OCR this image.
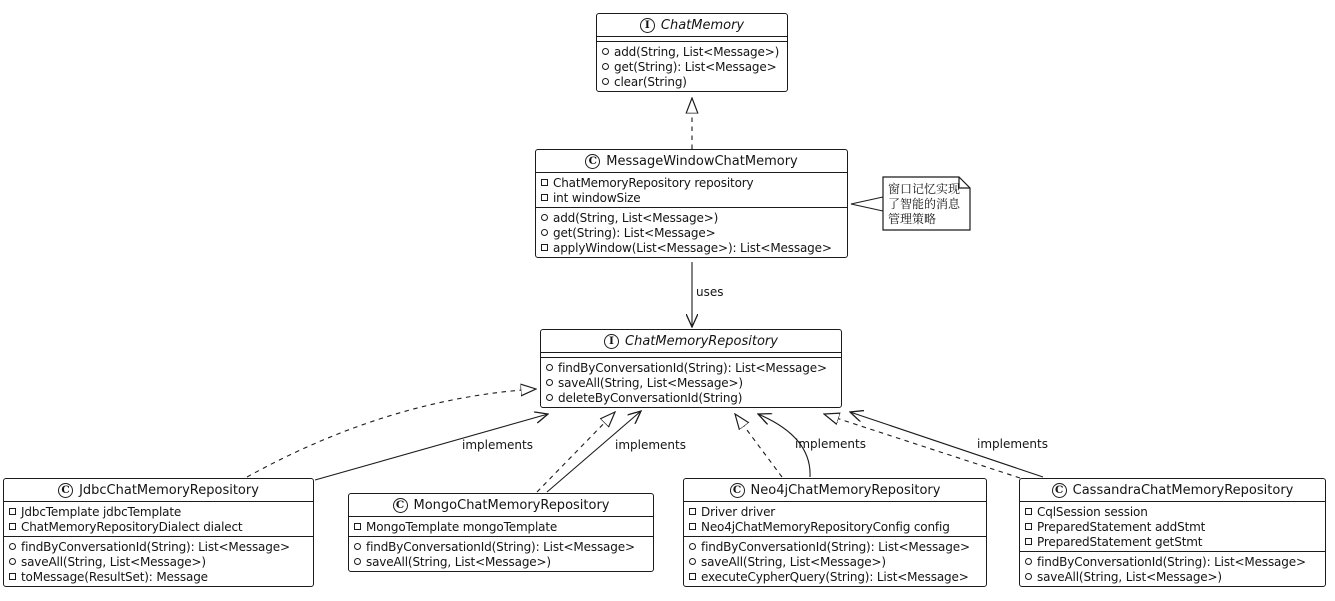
uses
implements	implements	implements	implements
窗口记忆实现
了智能的消息
管理策略
I ChatMemory
add(String, List<Message>)
get(String): List<Message>
clear(String)
C MessageWindowChatMemory
ChatMemoryRepository repository
int windowSize
add(String, List<Message>)
get(String): List<Message>
applyWindow(List<Message>): List<Message>
I ChatMemoryRepository
findByConversationId(String): List<Message>
saveAll(String, List<Message>)
deleteByConversationId(String)
C JdbcChatMemoryRepository
JdbcTemplate jdbcTemplate
ChatMemoryRepositoryDialect dialect
findByConversationId(String): List<Message>
saveAll(String, List<Message>)
toMessage(ResultSet): Message
C MongoChatMemoryRepository
MongoTemplate mongoTemplate
findByConversationId(String): List<Message>
saveAll(String, List<Message>)
C Neo4jChatMemoryRepository
Driver driver
Neo4jChatMemoryRepositoryConfig config
findByConversationId(String): List<Message>
saveAll(String, List<Message>)
executeCypherQuery(String): List<Message>
C CassandraChatMemoryRepository
CqlSession session
PreparedStatement addStmt
PreparedStatement getStmt
findByConversationId(String): List<Message>
saveAll(String, List<Message>)
